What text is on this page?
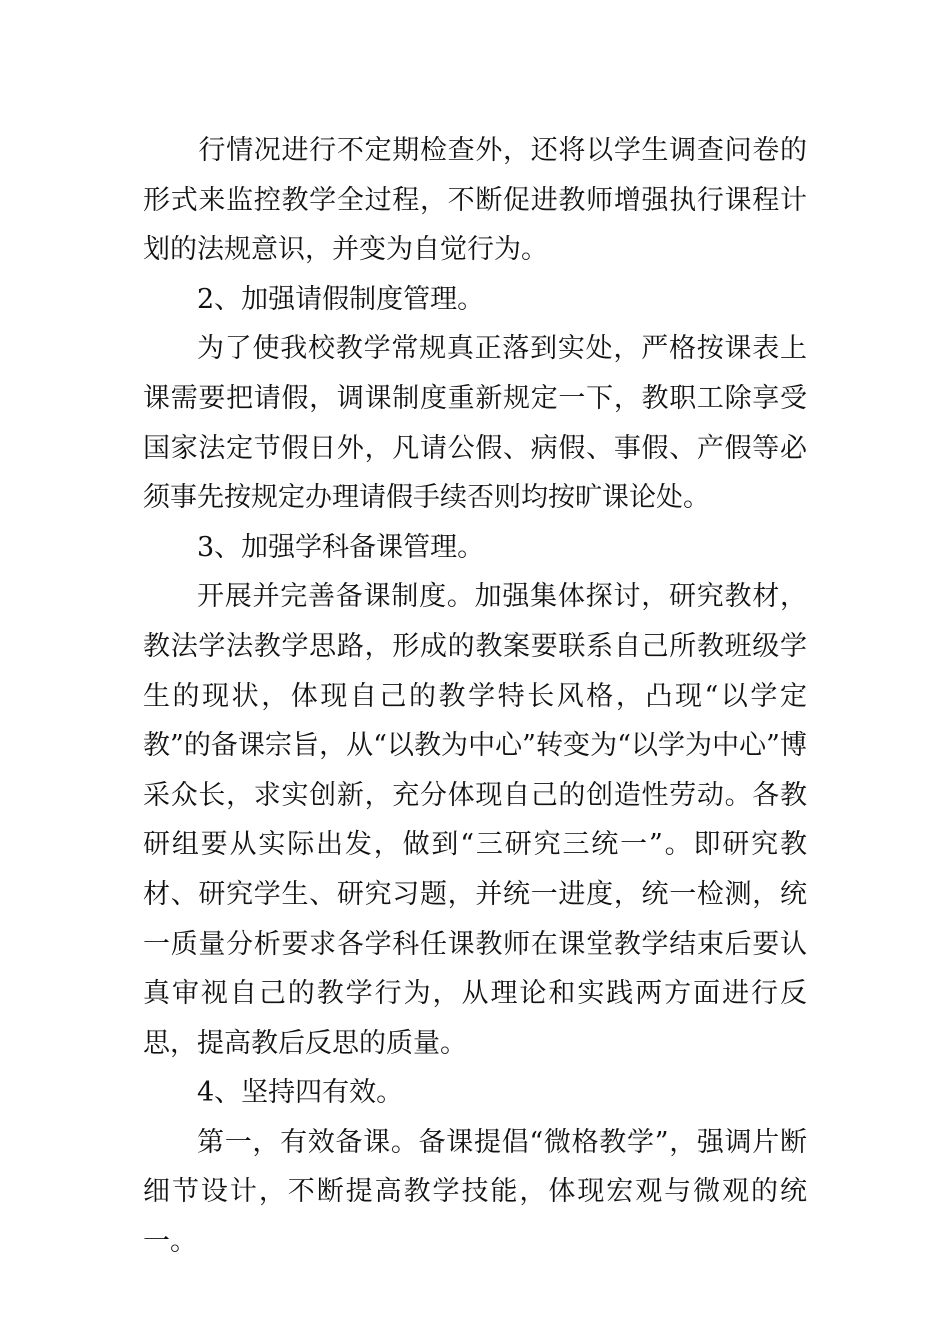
　　行情况进行不定期检查外，还将以学生调查问卷的形式来监控教学全过程，不断促进教师增强执行课程计划的法规意识，并变为自觉行为。

2、加强请假制度管理。

为了使我校教学常规真正落到实处，严格按课表上课需要把请假，调课制度重新规定一下，教职工除享受国家法定节假日外，凡请公假、病假、事假、产假等必须事先按规定办理请假手续否则均按旷课论处。

3、加强学科备课管理。

开展并完善备课制度。加强集体探讨，研究教材，教法学法教学思路，形成的教案要联系自己所教班级学生的现状，体现自己的教学特长风格，凸现“以学定教”的备课宗旨，从“以教为中心”转变为“以学为中心”博采众长，求实创新，充分体现自己的创造性劳动。各教研组要从实际出发，做到“三研究三统一”。即研究教材、研究学生、研究习题，并统一进度，统一检测，统一质量分析要求各学科任课教师在课堂教学结束后要认真审视自己的教学行为，从理论和实践两方面进行反思，提高教后反思的质量。

4、坚持四有效。

第一，有效备课。备课提倡“微格教学”，强调片断细节设计，不断提高教学技能，体现宏观与微观的统一。
